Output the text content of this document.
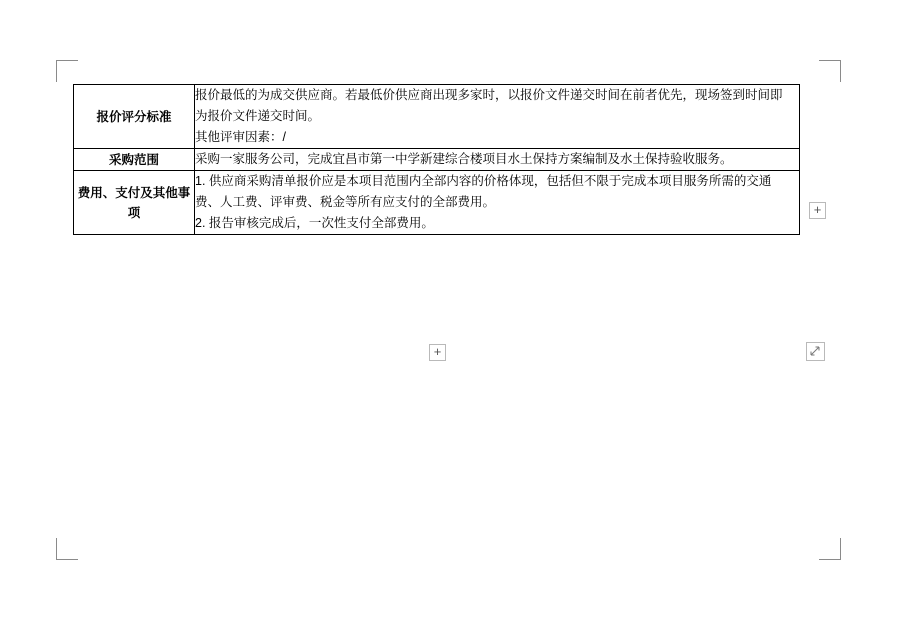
报价评分标准	报价最低的为成交供应商。若最低价供应商出现多家时，以报价文件递交时间在前者优先，现场签到时间即

为报价文件递交时间。

其他评审因素：/

采购范围	采购一家服务公司，完成宜昌市第一中学新建综合楼项目水土保持方案编制及水土保持验收服务。

费用、支付及其他事项	1. 供应商采购清单报价应是本项目范围内全部内容的价格体现，包括但不限于完成本项目服务所需的交通

费、人工费、评审费、税金等所有应支付的全部费用。

2. 报告审核完成后，一次性支付全部费用。

+
+
